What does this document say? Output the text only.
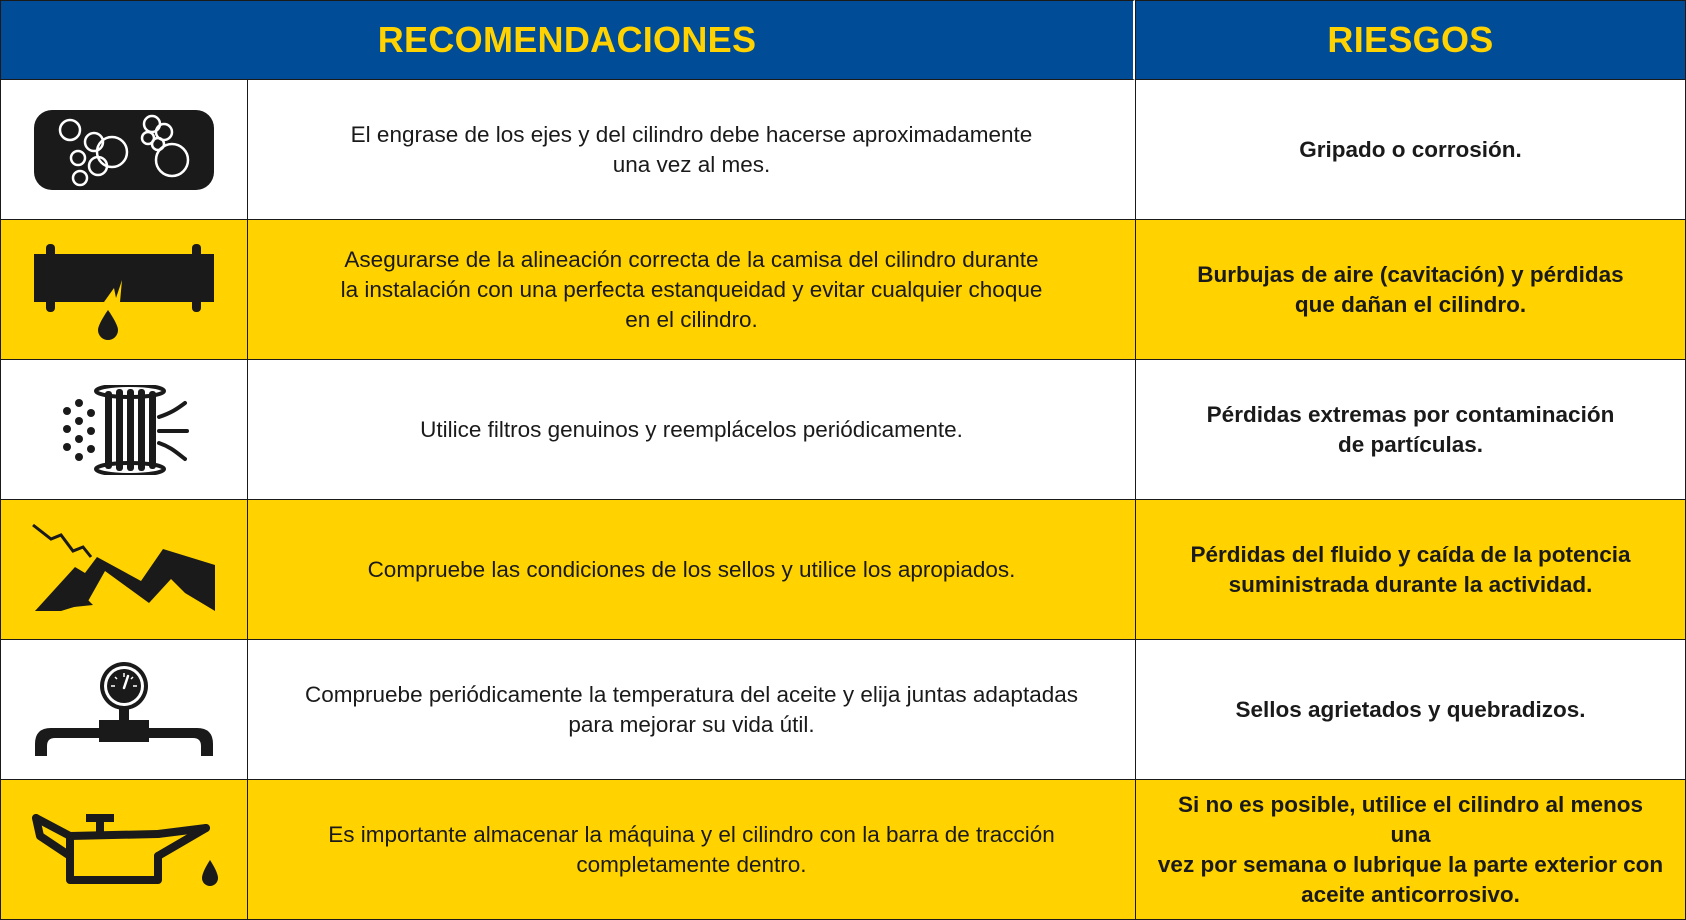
RECOMENDACIONES	RIESGOS
El engrase de los ejes y del cilindro debe hacerse aproximadamente
una vez al mes.
Gripado o corrosión.
Asegurarse de la alineación correcta de la camisa del cilindro durante
la instalación con una perfecta estanqueidad y evitar cualquier choque
en el cilindro.
Burbujas de aire (cavitación) y pérdidas
que dañan el cilindro.
Utilice filtros genuinos y reemplácelos periódicamente.
Pérdidas extremas por contaminación
de partículas.
Compruebe las condiciones de los sellos y utilice los apropiados.
Pérdidas del fluido y caída de la potencia
suministrada durante la actividad.
Compruebe periódicamente la temperatura del aceite y elija juntas adaptadas
para mejorar su vida útil.
Sellos agrietados y quebradizos.
Es importante almacenar la máquina y el cilindro con la barra de tracción
completamente dentro.
Si no es posible, utilice el cilindro al menos una
vez por semana o lubrique la parte exterior con
aceite anticorrosivo.
